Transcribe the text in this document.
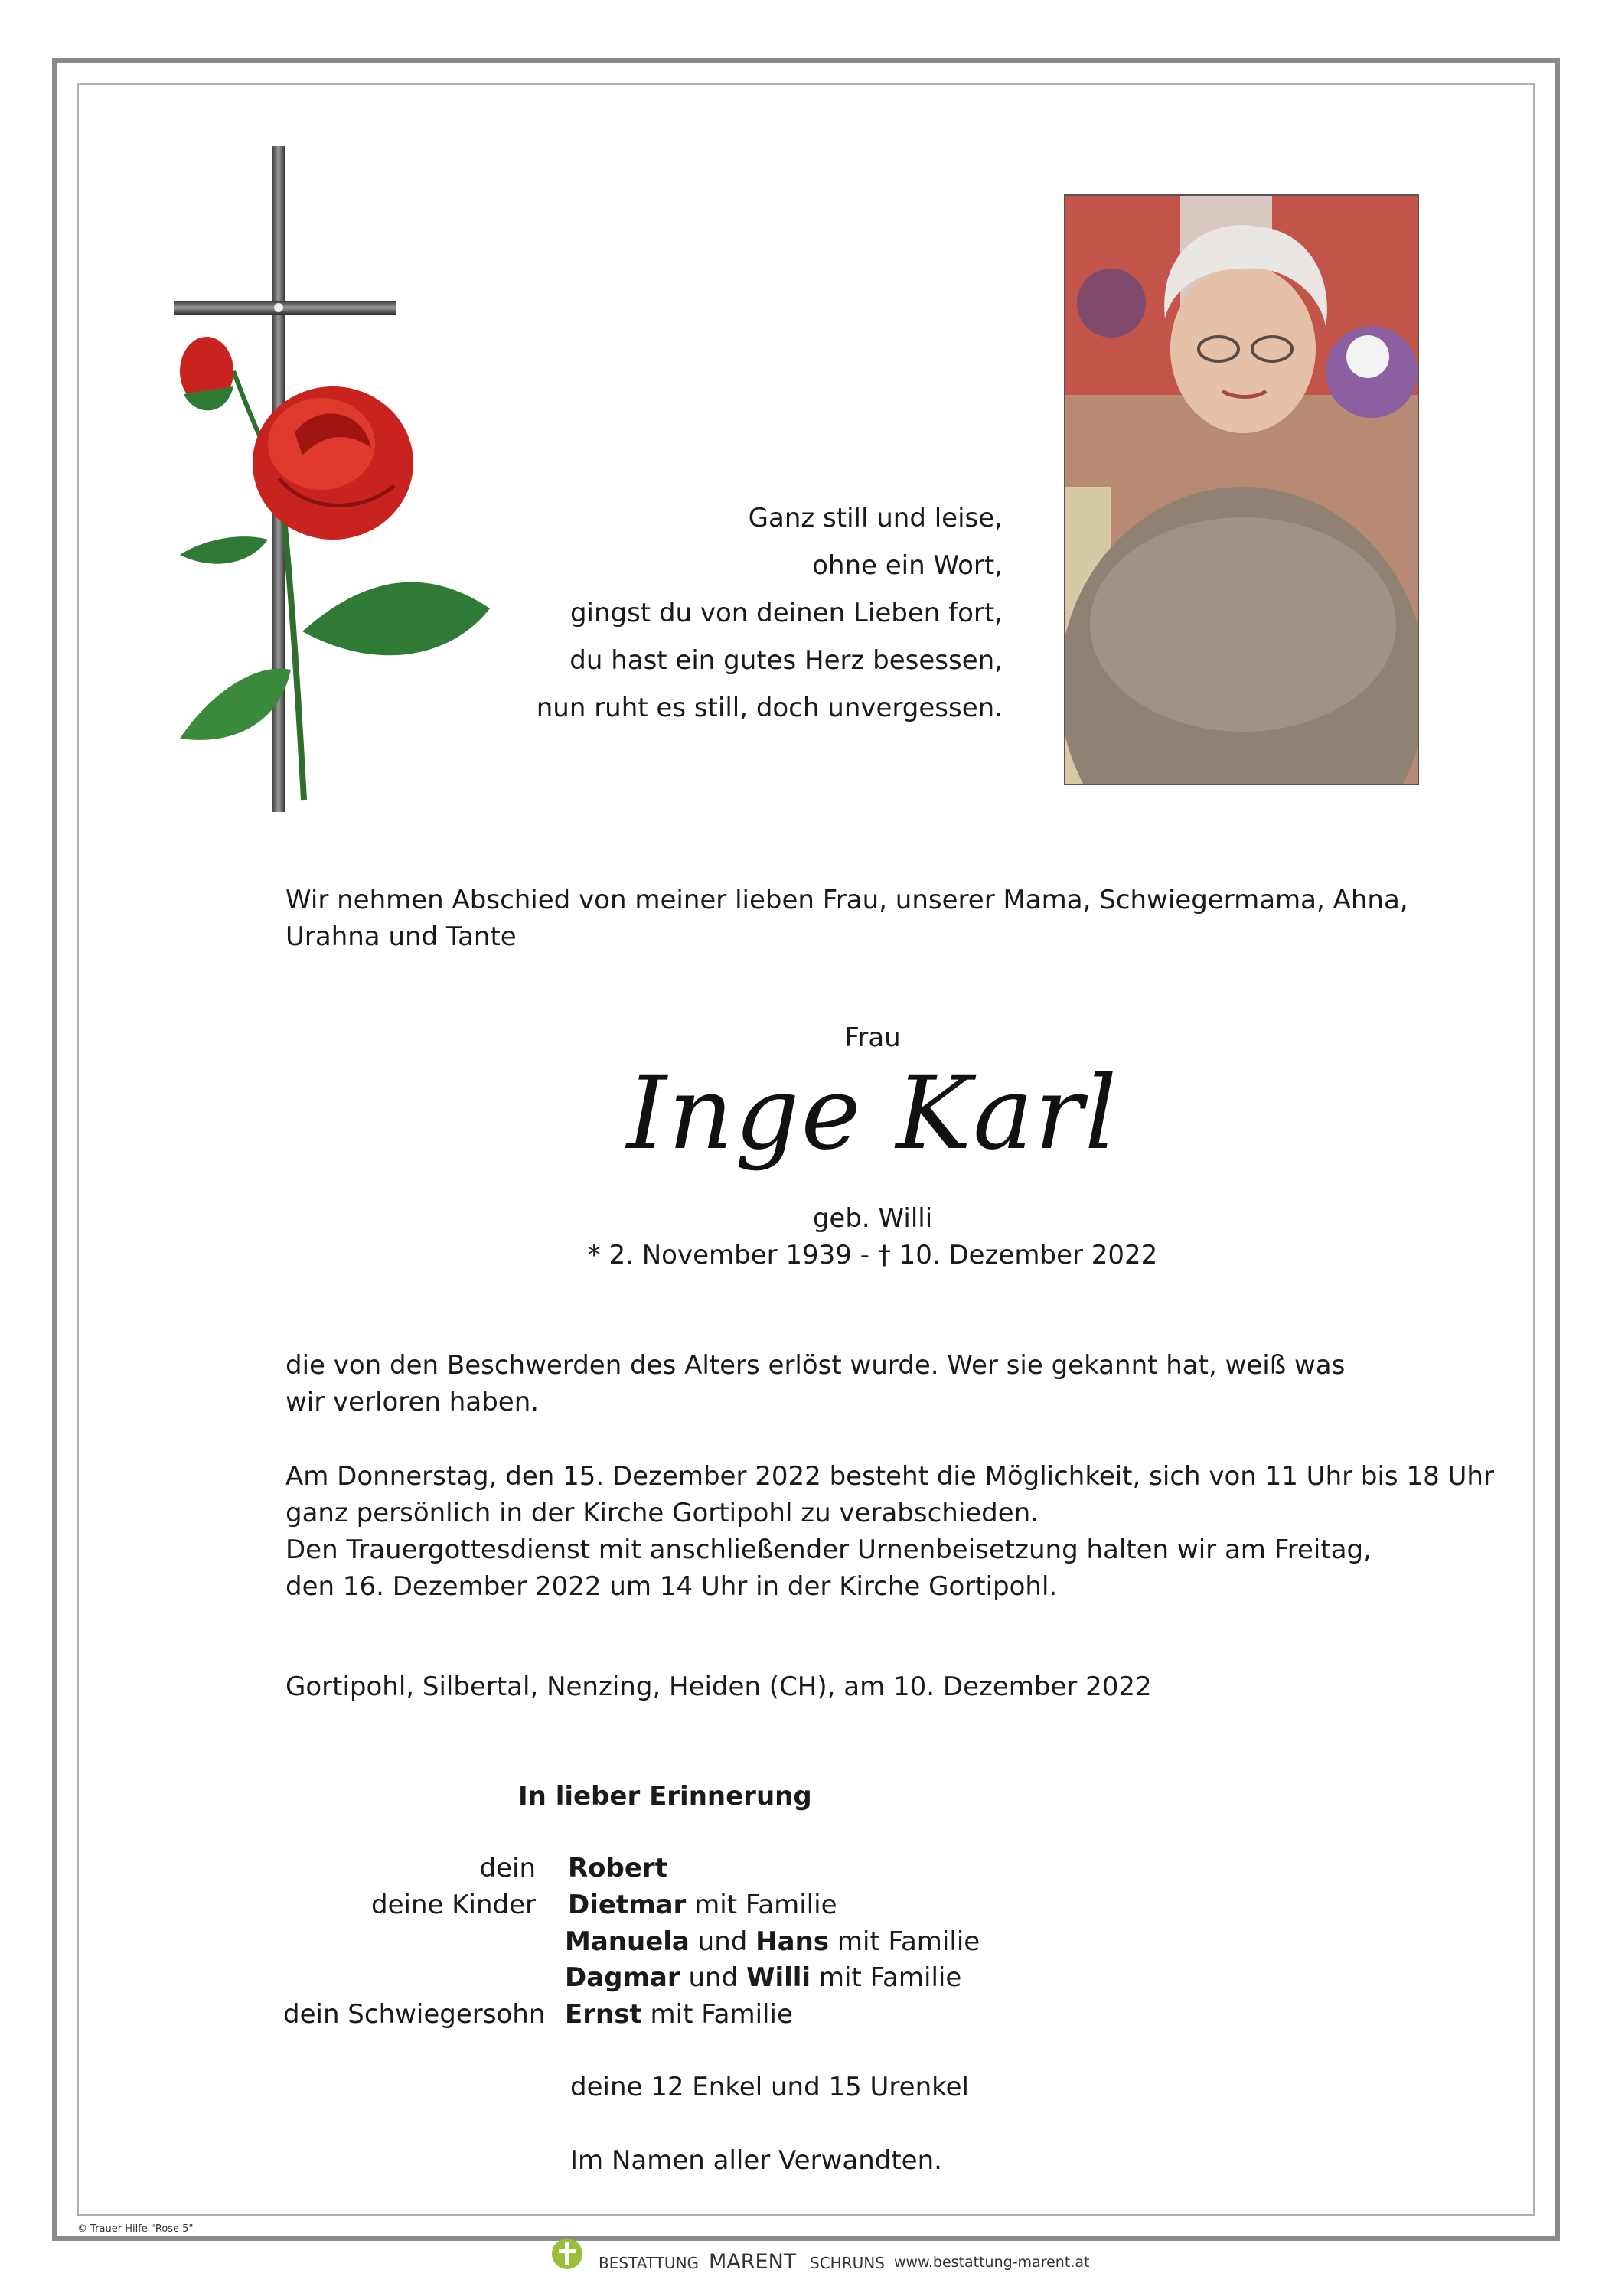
Ganz still und leise,
ohne ein Wort,
gingst du von deinen Lieben fort,
du hast ein gutes Herz besessen,
nun ruht es still, doch unvergessen.
Wir nehmen Abschied von meiner lieben Frau, unserer Mama, Schwiegermama, Ahna,
Urahna und Tante
Frau
Inge Karl
geb. Willi
* 2. November 1939 - † 10. Dezember 2022
die von den Beschwerden des Alters erlöst wurde. Wer sie gekannt hat, weiß was
wir verloren haben.
Am Donnerstag, den 15. Dezember 2022 besteht die Möglichkeit, sich von 11 Uhr bis 18 Uhr
ganz persönlich in der Kirche Gortipohl zu verabschieden.
Den Trauergottesdienst mit anschließender Urnenbeisetzung halten wir am Freitag,
den 16. Dezember 2022 um 14 Uhr in der Kirche Gortipohl.
Gortipohl, Silbertal, Nenzing, Heiden (CH), am 10. Dezember 2022
In lieber Erinnerung
dein
deine Kinder
dein Schwiegersohn
Robert
Dietmar mit Familie
Manuela und Hans mit Familie
Dagmar und Willi mit Familie
Ernst mit Familie
deine 12 Enkel und 15 Urenkel
Im Namen aller Verwandten.
© Trauer Hilfe "Rose 5"
BESTATTUNG MARENT SCHRUNS www.bestattung-marent.at
